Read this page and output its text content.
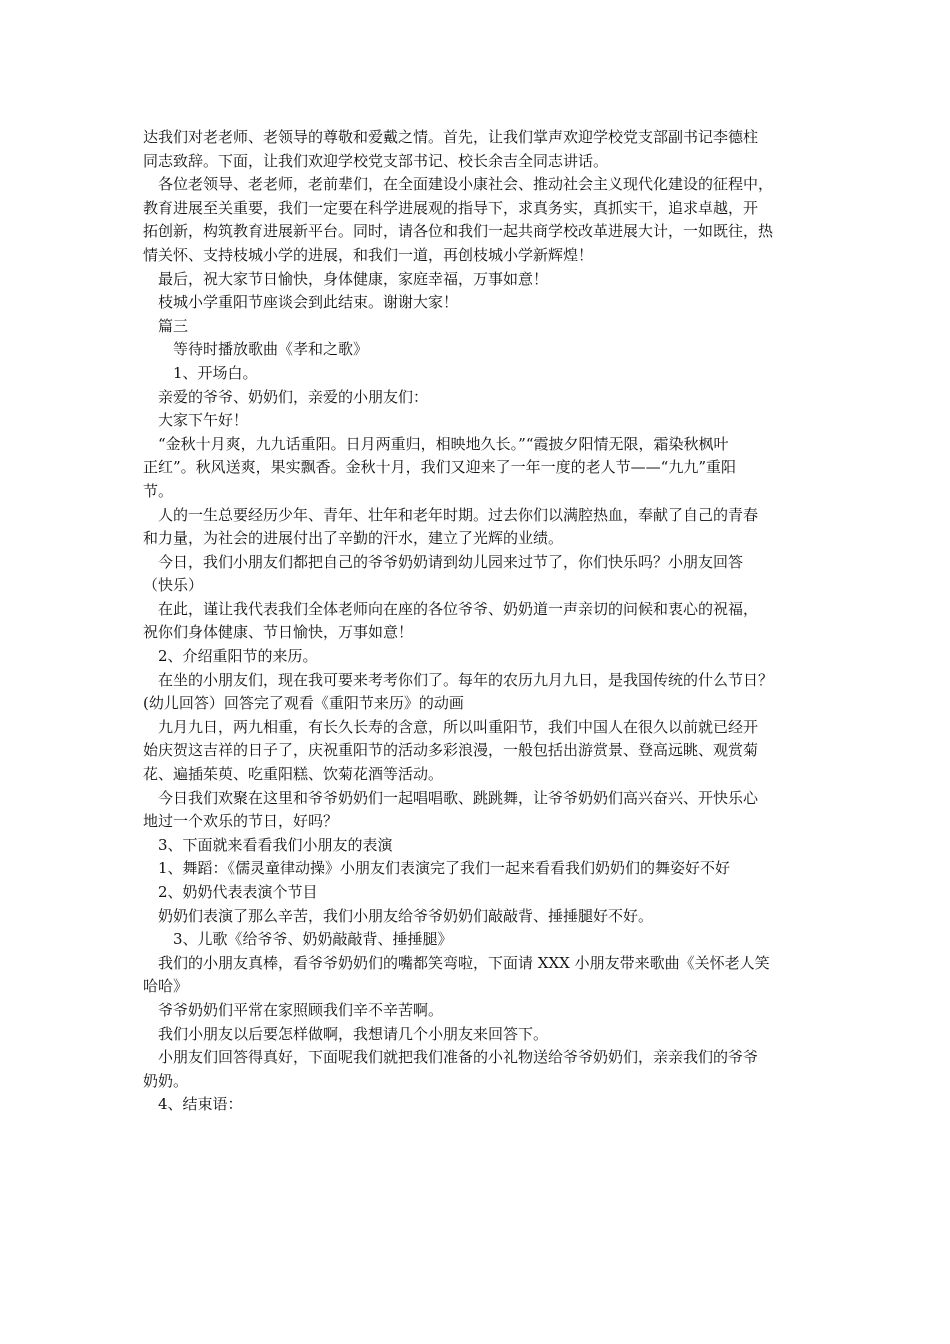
达我们对老老师、老领导的尊敬和爱戴之情。首先，让我们掌声欢迎学校党支部副书记李德柱
同志致辞。下面，让我们欢迎学校党支部书记、校长余吉全同志讲话。
各位老领导、老老师，老前辈们，在全面建设小康社会、推动社会主义现代化建设的征程中，
教育进展至关重要，我们一定要在科学进展观的指导下，求真务实，真抓实干，追求卓越，开
拓创新，构筑教育进展新平台。同时，请各位和我们一起共商学校改革进展大计，一如既往，热
情关怀、支持枝城小学的进展，和我们一道，再创枝城小学新辉煌！
最后，祝大家节日愉快，身体健康，家庭幸福，万事如意！
枝城小学重阳节座谈会到此结束。谢谢大家！
篇三
等待时播放歌曲《孝和之歌》
1、开场白。
亲爱的爷爷、奶奶们，亲爱的小朋友们：
大家下午好！
“金秋十月爽，九九话重阳。日月两重归，相映地久长。”“霞披夕阳情无限，霜染秋枫叶
正红”。秋风送爽，果实飘香。金秋十月，我们又迎来了一年一度的老人节——“九九”重阳
节。
人的一生总要经历少年、青年、壮年和老年时期。过去你们以满腔热血，奉献了自己的青春
和力量，为社会的进展付出了辛勤的汗水，建立了光辉的业绩。
今日，我们小朋友们都把自己的爷爷奶奶请到幼儿园来过节了，你们快乐吗？小朋友回答
（快乐）
在此，谨让我代表我们全体老师向在座的各位爷爷、奶奶道一声亲切的问候和衷心的祝福，
祝你们身体健康、节日愉快，万事如意！
2、介绍重阳节的来历。
在坐的小朋友们，现在我可要来考考你们了。每年的农历九月九日，是我国传统的什么节日？
(幼儿回答）回答完了观看《重阳节来历》的动画
九月九日，两九相重，有长久长寿的含意，所以叫重阳节，我们中国人在很久以前就已经开
始庆贺这吉祥的日子了，庆祝重阳节的活动多彩浪漫，一般包括出游赏景、登高远眺、观赏菊
花、遍插茱萸、吃重阳糕、饮菊花酒等活动。
今日我们欢聚在这里和爷爷奶奶们一起唱唱歌、跳跳舞，让爷爷奶奶们高兴奋兴、开快乐心
地过一个欢乐的节日，好吗？
3、下面就来看看我们小朋友的表演
1、舞蹈：《儒灵童律动操》小朋友们表演完了我们一起来看看我们奶奶们的舞姿好不好
2、奶奶代表表演个节目
奶奶们表演了那么辛苦，我们小朋友给爷爷奶奶们敲敲背、捶捶腿好不好。
3、儿歌《给爷爷、奶奶敲敲背、捶捶腿》
我们的小朋友真棒，看爷爷奶奶们的嘴都笑弯啦，下面请 XXX 小朋友带来歌曲《关怀老人笑
哈哈》
爷爷奶奶们平常在家照顾我们辛不辛苦啊。
我们小朋友以后要怎样做啊，我想请几个小朋友来回答下。
小朋友们回答得真好，下面呢我们就把我们准备的小礼物送给爷爷奶奶们，亲亲我们的爷爷
奶奶。
4、结束语：
